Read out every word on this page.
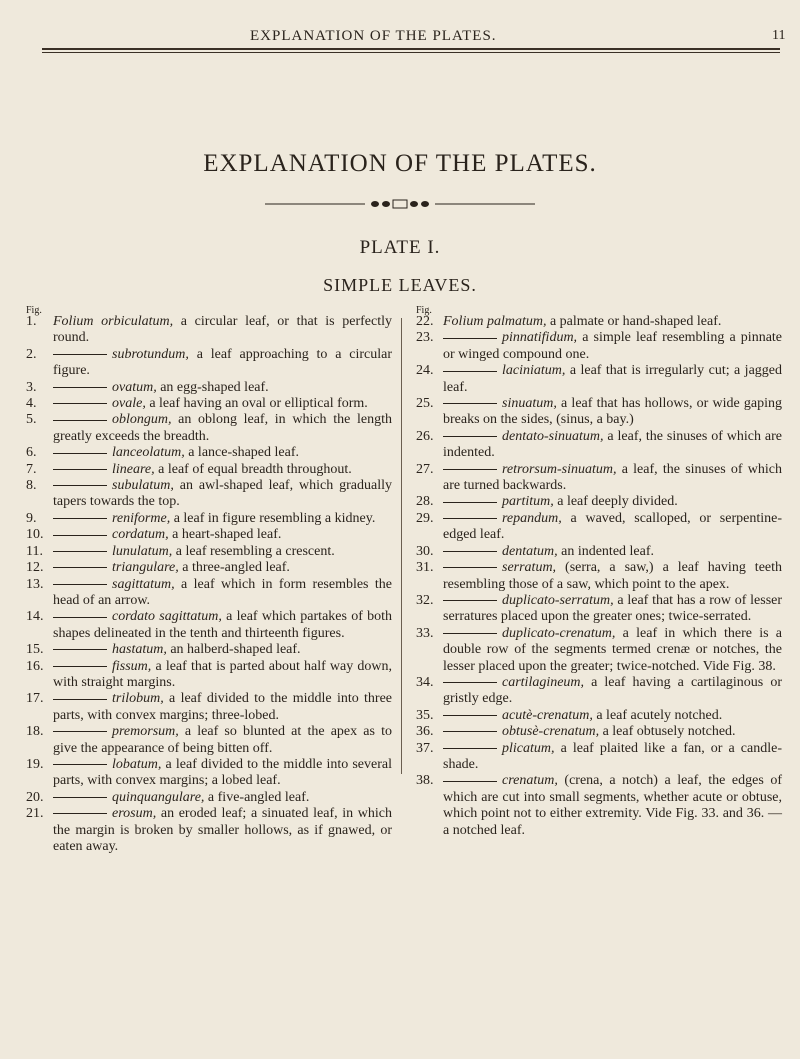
EXPLANATION OF THE PLATES.	11
EXPLANATION OF THE PLATES.
PLATE I.
SIMPLE LEAVES.
Fig.	Fig.
1.	Folium orbiculatum, a circular leaf, or that is perfectly round.
2.	subrotundum, a leaf approaching to a circular figure.
3.	ovatum, an egg-shaped leaf.
4.	ovale, a leaf having an oval or elliptical form.
5.	oblongum, an oblong leaf, in which the length greatly exceeds the breadth.
6.	lanceolatum, a lance-shaped leaf.
7.	lineare, a leaf of equal breadth throughout.
8.	subulatum, an awl-shaped leaf, which gradually tapers towards the top.
9.	reniforme, a leaf in figure resembling a kidney.
10.	cordatum, a heart-shaped leaf.
11.	lunulatum, a leaf resembling a crescent.
12.	triangulare, a three-angled leaf.
13.	sagittatum, a leaf which in form resembles the head of an arrow.
14.	cordato sagittatum, a leaf which partakes of both shapes delineated in the tenth and thirteenth figures.
15.	hastatum, an halberd-shaped leaf.
16.	fissum, a leaf that is parted about half way down, with straight margins.
17.	trilobum, a leaf divided to the middle into three parts, with convex margins; three-lobed.
18.	premorsum, a leaf so blunted at the apex as to give the appearance of being bitten off.
19.	lobatum, a leaf divided to the middle into several parts, with convex margins; a lobed leaf.
20.	quinquangulare, a five-angled leaf.
21.	erosum, an eroded leaf; a sinuated leaf, in which the margin is broken by smaller hollows, as if gnawed, or eaten away.
22. Folium palmatum, a palmate or hand-shaped leaf.
23.	pinnatifidum, a simple leaf resembling a pinnate or winged compound one.
24.	laciniatum, a leaf that is irregularly cut; a jagged leaf.
25.	sinuatum, a leaf that has hollows, or wide gaping breaks on the sides, (sinus, a bay.)
26.	dentato-sinuatum, a leaf, the sinuses of which are indented.
27.	retrorsum-sinuatum, a leaf, the sinuses of which are turned backwards.
28.	partitum, a leaf deeply divided.
29.	repandum, a waved, scalloped, or serpentine-edged leaf.
30.	dentatum, an indented leaf.
31.	serratum, (serra, a saw,) a leaf having teeth resembling those of a saw, which point to the apex.
32.	duplicato-serratum, a leaf that has a row of lesser serratures placed upon the greater ones; twice-serrated.
33.	duplicato-crenatum, a leaf in which there is a double row of the segments termed crenæ or notches, the lesser placed upon the greater; twice-notched. Vide Fig. 38.
34.	cartilagineum, a leaf having a cartilaginous or gristly edge.
35.	acutè-crenatum, a leaf acutely notched.
36.	obtusè-crenatum, a leaf obtusely notched.
37.	plicatum, a leaf plaited like a fan, or a candle-shade.
38.	crenatum, (crena, a notch) a leaf, the edges of which are cut into small segments, whether acute or obtuse, which point not to either extremity. Vide Fig. 33. and 36. —a notched leaf.
